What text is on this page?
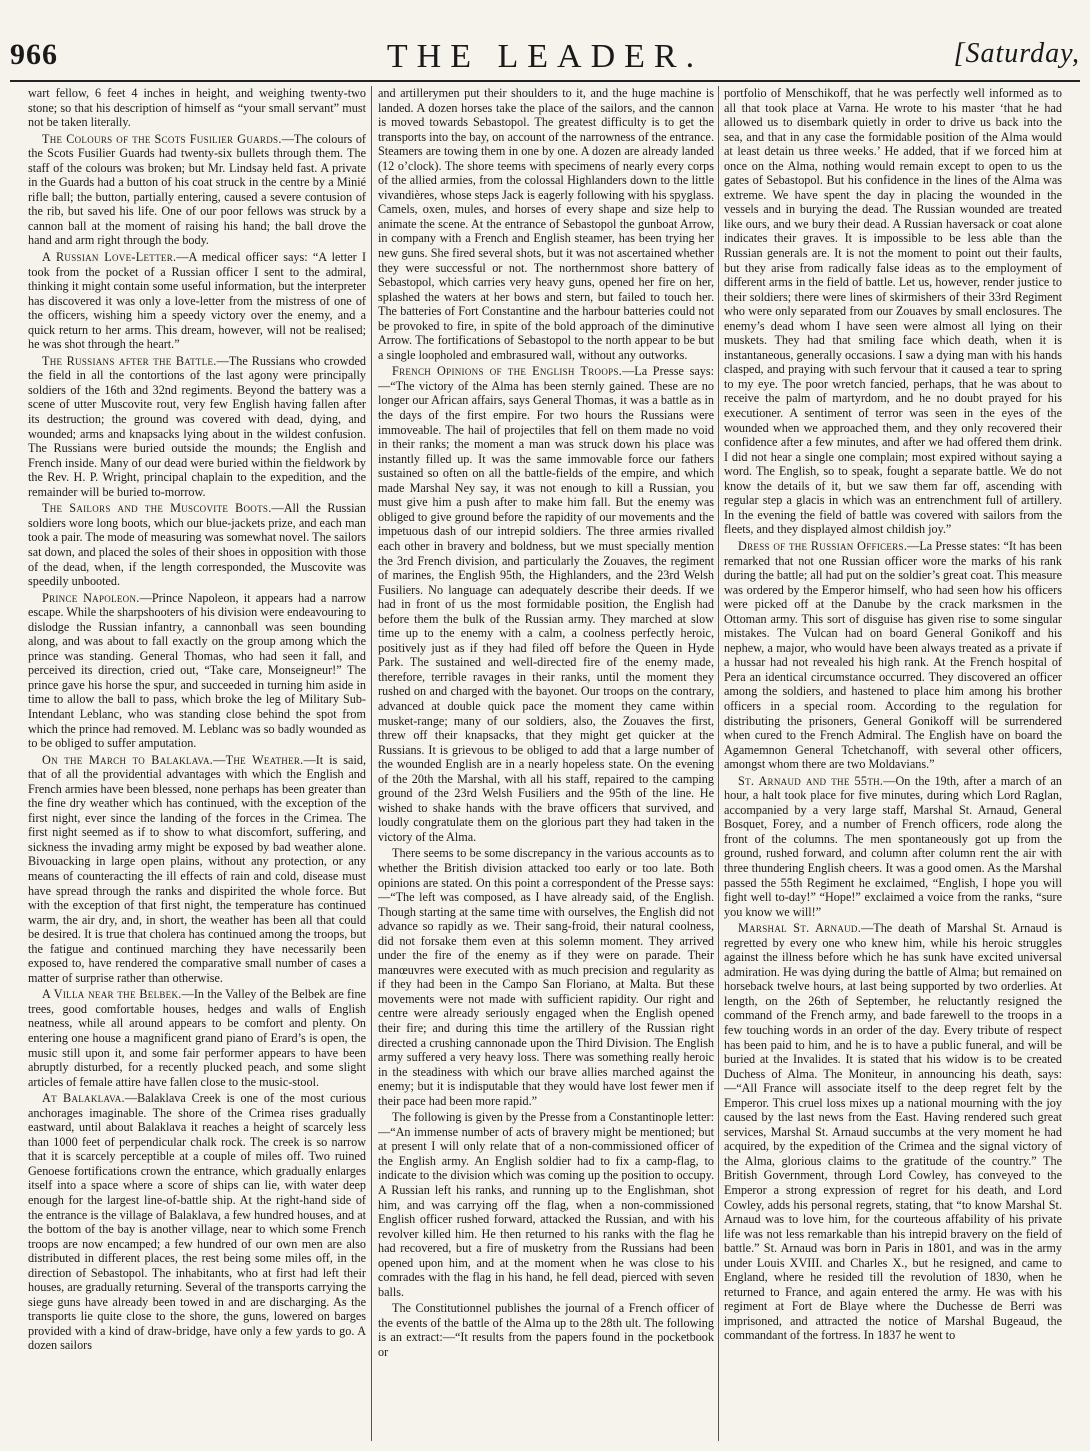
THE LEADER.
966	[Saturday,

wart fellow, 6 feet 4 inches in height, and weighing twenty-two stone; so that his description of himself as “your small servant” must not be taken literally.

The Colours of the Scots Fusilier Guards.—The colours of the Scots Fusilier Guards had twenty-six bullets through them. The staff of the colours was broken; but Mr. Lindsay held fast. A private in the Guards had a button of his coat struck in the centre by a Minié rifle ball; the button, partially entering, caused a severe contusion of the rib, but saved his life. One of our poor fellows was struck by a cannon ball at the moment of raising his hand; the ball drove the hand and arm right through the body.

A Russian Love-Letter.—A medical officer says: “A letter I took from the pocket of a Russian officer I sent to the admiral, thinking it might contain some useful information, but the interpreter has discovered it was only a love-letter from the mistress of one of the officers, wishing him a speedy victory over the enemy, and a quick return to her arms. This dream, however, will not be realised; he was shot through the heart.”

The Russians after the Battle.—The Russians who crowded the field in all the contortions of the last agony were principally soldiers of the 16th and 32nd regiments. Beyond the battery was a scene of utter Muscovite rout, very few English having fallen after its destruction; the ground was covered with dead, dying, and wounded; arms and knapsacks lying about in the wildest confusion. The Russians were buried outside the mounds; the English and French inside. Many of our dead were buried within the fieldwork by the Rev. H. P. Wright, principal chaplain to the expedition, and the remainder will be buried to-morrow.

The Sailors and the Muscovite Boots.—All the Russian soldiers wore long boots, which our blue-jackets prize, and each man took a pair. The mode of measuring was somewhat novel. The sailors sat down, and placed the soles of their shoes in opposition with those of the dead, when, if the length corresponded, the Muscovite was speedily unbooted.

Prince Napoleon.—Prince Napoleon, it appears had a narrow escape. While the sharpshooters of his division were endeavouring to dislodge the Russian infantry, a cannonball was seen bounding along, and was about to fall exactly on the group among which the prince was standing. General Thomas, who had seen it fall, and perceived its direction, cried out, “Take care, Monseigneur!” The prince gave his horse the spur, and succeeded in turning him aside in time to allow the ball to pass, which broke the leg of Military Sub-Intendant Leblanc, who was standing close behind the spot from which the prince had removed. M. Leblanc was so badly wounded as to be obliged to suffer amputation.

On the March to Balaklava.—The Weather.—It is said, that of all the providential advantages with which the English and French armies have been blessed, none perhaps has been greater than the fine dry weather which has continued, with the exception of the first night, ever since the landing of the forces in the Crimea. The first night seemed as if to show to what discomfort, suffering, and sickness the invading army might be exposed by bad weather alone. Bivouacking in large open plains, without any protection, or any means of counteracting the ill effects of rain and cold, disease must have spread through the ranks and dispirited the whole force. But with the exception of that first night, the temperature has continued warm, the air dry, and, in short, the weather has been all that could be desired. It is true that cholera has continued among the troops, but the fatigue and continued marching they have necessarily been exposed to, have rendered the comparative small number of cases a matter of surprise rather than otherwise.

A Villa near the Belbek.—In the Valley of the Belbek are fine trees, good comfortable houses, hedges and walls of English neatness, while all around appears to be comfort and plenty. On entering one house a magnificent grand piano of Erard’s is open, the music still upon it, and some fair performer appears to have been abruptly disturbed, for a recently plucked peach, and some slight articles of female attire have fallen close to the music-stool.

At Balaklava.—Balaklava Creek is one of the most curious anchorages imaginable. The shore of the Crimea rises gradually eastward, until about Balaklava it reaches a height of scarcely less than 1000 feet of perpendicular chalk rock. The creek is so narrow that it is scarcely perceptible at a couple of miles off. Two ruined Genoese fortifications crown the entrance, which gradually enlarges itself into a space where a score of ships can lie, with water deep enough for the largest line-of-battle ship. At the right-hand side of the entrance is the village of Balaklava, a few hundred houses, and at the bottom of the bay is another village, near to which some French troops are now encamped; a few hundred of our own men are also distributed in different places, the rest being some miles off, in the direction of Sebastopol. The inhabitants, who at first had left their houses, are gradually returning. Several of the transports carrying the siege guns have already been towed in and are discharging. As the transports lie quite close to the shore, the guns, lowered on barges provided with a kind of draw-bridge, have only a few yards to go. A dozen sailors

and artillerymen put their shoulders to it, and the huge machine is landed. A dozen horses take the place of the sailors, and the cannon is moved towards Sebastopol. The greatest difficulty is to get the transports into the bay, on account of the narrowness of the entrance. Steamers are towing them in one by one. A dozen are already landed (12 o’clock). The shore teems with specimens of nearly every corps of the allied armies, from the colossal Highlanders down to the little vivandières, whose steps Jack is eagerly following with his spyglass. Camels, oxen, mules, and horses of every shape and size help to animate the scene. At the entrance of Sebastopol the gunboat Arrow, in company with a French and English steamer, has been trying her new guns. She fired several shots, but it was not ascertained whether they were successful or not. The northernmost shore battery of Sebastopol, which carries very heavy guns, opened her fire on her, splashed the waters at her bows and stern, but failed to touch her. The batteries of Fort Constantine and the harbour batteries could not be provoked to fire, in spite of the bold approach of the diminutive Arrow. The fortifications of Sebastopol to the north appear to be but a single loopholed and embrasured wall, without any outworks.

French Opinions of the English Troops.—La Presse says:—“The victory of the Alma has been sternly gained. These are no longer our African affairs, says General Thomas, it was a battle as in the days of the first empire. For two hours the Russians were immoveable. The hail of projectiles that fell on them made no void in their ranks; the moment a man was struck down his place was instantly filled up. It was the same immovable force our fathers sustained so often on all the battle-fields of the empire, and which made Marshal Ney say, it was not enough to kill a Russian, you must give him a push after to make him fall. But the enemy was obliged to give ground before the rapidity of our movements and the impetuous dash of our intrepid soldiers. The three armies rivalled each other in bravery and boldness, but we must specially mention the 3rd French division, and particularly the Zouaves, the regiment of marines, the English 95th, the Highlanders, and the 23rd Welsh Fusiliers. No language can adequately describe their deeds. If we had in front of us the most formidable position, the English had before them the bulk of the Russian army. They marched at slow time up to the enemy with a calm, a coolness perfectly heroic, positively just as if they had filed off before the Queen in Hyde Park. The sustained and well-directed fire of the enemy made, therefore, terrible ravages in their ranks, until the moment they rushed on and charged with the bayonet. Our troops on the contrary, advanced at double quick pace the moment they came within musket-range; many of our soldiers, also, the Zouaves the first, threw off their knapsacks, that they might get quicker at the Russians. It is grievous to be obliged to add that a large number of the wounded English are in a nearly hopeless state. On the evening of the 20th the Marshal, with all his staff, repaired to the camping ground of the 23rd Welsh Fusiliers and the 95th of the line. He wished to shake hands with the brave officers that survived, and loudly congratulate them on the glorious part they had taken in the victory of the Alma.

There seems to be some discrepancy in the various accounts as to whether the British division attacked too early or too late. Both opinions are stated. On this point a correspondent of the Presse says:—“The left was composed, as I have already said, of the English. Though starting at the same time with ourselves, the English did not advance so rapidly as we. Their sang-froid, their natural coolness, did not forsake them even at this solemn moment. They arrived under the fire of the enemy as if they were on parade. Their manœuvres were executed with as much precision and regularity as if they had been in the Campo San Floriano, at Malta. But these movements were not made with sufficient rapidity. Our right and centre were already seriously engaged when the English opened their fire; and during this time the artillery of the Russian right directed a crushing cannonade upon the Third Division. The English army suffered a very heavy loss. There was something really heroic in the steadiness with which our brave allies marched against the enemy; but it is indisputable that they would have lost fewer men if their pace had been more rapid.”

The following is given by the Presse from a Constantinople letter:—“An immense number of acts of bravery might be mentioned; but at present I will only relate that of a non-commissioned officer of the English army. An English soldier had to fix a camp-flag, to indicate to the division which was coming up the position to occupy. A Russian left his ranks, and running up to the Englishman, shot him, and was carrying off the flag, when a non-commissioned English officer rushed forward, attacked the Russian, and with his revolver killed him. He then returned to his ranks with the flag he had recovered, but a fire of musketry from the Russians had been opened upon him, and at the moment when he was close to his comrades with the flag in his hand, he fell dead, pierced with seven balls.

The Constitutionnel publishes the journal of a French officer of the events of the battle of the Alma up to the 28th ult. The following is an extract:—“It results from the papers found in the pocketbook or

portfolio of Menschikoff, that he was perfectly well informed as to all that took place at Varna. He wrote to his master ‘that he had allowed us to disembark quietly in order to drive us back into the sea, and that in any case the formidable position of the Alma would at least detain us three weeks.’ He added, that if we forced him at once on the Alma, nothing would remain except to open to us the gates of Sebastopol. But his confidence in the lines of the Alma was extreme. We have spent the day in placing the wounded in the vessels and in burying the dead. The Russian wounded are treated like ours, and we bury their dead. A Russian haversack or coat alone indicates their graves. It is impossible to be less able than the Russian generals are. It is not the moment to point out their faults, but they arise from radically false ideas as to the employment of different arms in the field of battle. Let us, however, render justice to their soldiers; there were lines of skirmishers of their 33rd Regiment who were only separated from our Zouaves by small enclosures. The enemy’s dead whom I have seen were almost all lying on their muskets. They had that smiling face which death, when it is instantaneous, generally occasions. I saw a dying man with his hands clasped, and praying with such fervour that it caused a tear to spring to my eye. The poor wretch fancied, perhaps, that he was about to receive the palm of martyrdom, and he no doubt prayed for his executioner. A sentiment of terror was seen in the eyes of the wounded when we approached them, and they only recovered their confidence after a few minutes, and after we had offered them drink. I did not hear a single one complain; most expired without saying a word. The English, so to speak, fought a separate battle. We do not know the details of it, but we saw them far off, ascending with regular step a glacis in which was an entrenchment full of artillery. In the evening the field of battle was covered with sailors from the fleets, and they displayed almost childish joy.”

Dress of the Russian Officers.—La Presse states: “It has been remarked that not one Russian officer wore the marks of his rank during the battle; all had put on the soldier’s great coat. This measure was ordered by the Emperor himself, who had seen how his officers were picked off at the Danube by the crack marksmen in the Ottoman army. This sort of disguise has given rise to some singular mistakes. The Vulcan had on board General Gonikoff and his nephew, a major, who would have been always treated as a private if a hussar had not revealed his high rank. At the French hospital of Pera an identical circumstance occurred. They discovered an officer among the soldiers, and hastened to place him among his brother officers in a special room. According to the regulation for distributing the prisoners, General Gonikoff will be surrendered when cured to the French Admiral. The English have on board the Agamemnon General Tchetchanoff, with several other officers, amongst whom there are two Moldavians.”

St. Arnaud and the 55th.—On the 19th, after a march of an hour, a halt took place for five minutes, during which Lord Raglan, accompanied by a very large staff, Marshal St. Arnaud, General Bosquet, Forey, and a number of French officers, rode along the front of the columns. The men spontaneously got up from the ground, rushed forward, and column after column rent the air with three thundering English cheers. It was a good omen. As the Marshal passed the 55th Regiment he exclaimed, “English, I hope you will fight well to-day!” “Hope!” exclaimed a voice from the ranks, “sure you know we will!”

Marshal St. Arnaud.—The death of Marshal St. Arnaud is regretted by every one who knew him, while his heroic struggles against the illness before which he has sunk have excited universal admiration. He was dying during the battle of Alma; but remained on horseback twelve hours, at last being supported by two orderlies. At length, on the 26th of September, he reluctantly resigned the command of the French army, and bade farewell to the troops in a few touching words in an order of the day. Every tribute of respect has been paid to him, and he is to have a public funeral, and will be buried at the Invalides. It is stated that his widow is to be created Duchess of Alma. The Moniteur, in announcing his death, says:—“All France will associate itself to the deep regret felt by the Emperor. This cruel loss mixes up a national mourning with the joy caused by the last news from the East. Having rendered such great services, Marshal St. Arnaud succumbs at the very moment he had acquired, by the expedition of the Crimea and the signal victory of the Alma, glorious claims to the gratitude of the country.” The British Government, through Lord Cowley, has conveyed to the Emperor a strong expression of regret for his death, and Lord Cowley, adds his personal regrets, stating, that “to know Marshal St. Arnaud was to love him, for the courteous affability of his private life was not less remarkable than his intrepid bravery on the field of battle.” St. Arnaud was born in Paris in 1801, and was in the army under Louis XVIII. and Charles X., but he resigned, and came to England, where he resided till the revolution of 1830, when he returned to France, and again entered the army. He was with his regiment at Fort de Blaye where the Duchesse de Berri was imprisoned, and attracted the notice of Marshal Bugeaud, the commandant of the fortress. In 1837 he went to
